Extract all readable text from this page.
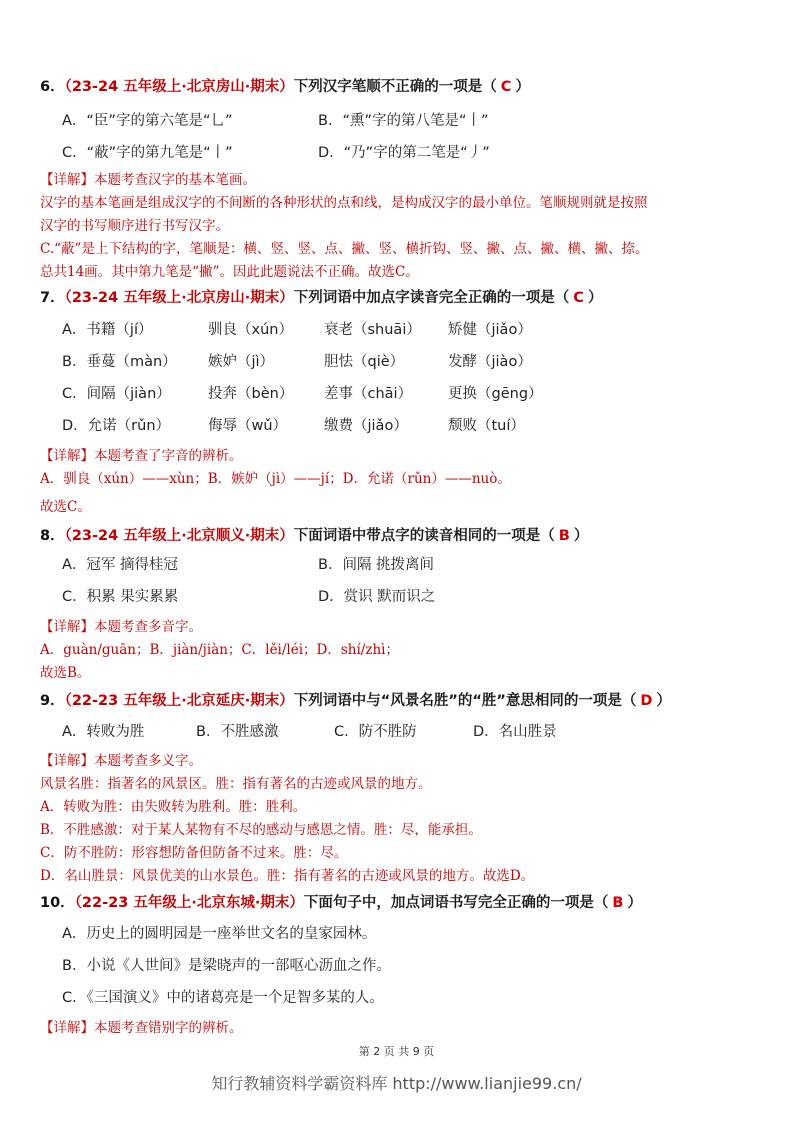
6．（23-24 五年级上·北京房山·期末）下列汉字笔顺不正确的一项是（ C ）
A．“臣”字的第六笔是“乚”	B．“熏”字的第八笔是“丨”
C．“蔽”字的第九笔是“丨”	D．“乃”字的第二笔是“丿”
【详解】本题考查汉字的基本笔画。
汉字的基本笔画是组成汉字的不间断的各种形状的点和线，是构成汉字的最小单位。笔顺规则就是按照
汉字的书写顺序进行书写汉字。
C.“蔽”是上下结构的字，笔顺是：横、竖、竖、点、撇、竖、横折钩、竖、撇、点、撇、横、撇、捺。
总共14画。其中第九笔是“撇”。因此此题说法不正确。故选C。
7．（23-24 五年级上·北京房山·期末）下列词语中加点字读音完全正确的一项是（ C ）
A．书籍（jí）	驯良（xún） 衰老（shuāi） 矫健（jiǎo）
B．垂蔓（màn） 嫉妒（jì）	胆怯（qiè）	发酵（jiào）
C．间隔（jiàn）	投奔（bèn） 差事（chāi） 更换（gēng）
D．允诺（rǔn）	侮辱（wǔ）	缴费（jiǎo）	颓败（tuí）
【详解】本题考查了字音的辨析。
A．驯良（xún）——xùn；B．嫉妒（jì）——jí；D．允诺（rǔn）——nuò。
故选C。
8．（23-24 五年级上·北京顺义·期末）下面词语中带点字的读音相同的一项是（ B ）
A．冠军 摘得桂冠	B．间隔 挑拨离间
C．积累 果实累累	D．赏识 默而识之
【详解】本题考查多音字。
A．guàn/guān；B．jiàn/jiàn；C．lěi/léi；D．shí/zhì；
故选B。
9．（22-23 五年级上·北京延庆·期末）下列词语中与“风景名胜”的“胜”意思相同的一项是（ D ）
A．转败为胜	B．不胜感激	C．防不胜防	D．名山胜景
【详解】本题考查多义字。
风景名胜：指著名的风景区。胜：指有著名的古迹或风景的地方。
A．转败为胜：由失败转为胜利。胜：胜利。
B．不胜感激：对于某人某物有不尽的感动与感恩之情。胜：尽，能承担。
C．防不胜防：形容想防备但防备不过来。胜：尽。
D．名山胜景：风景优美的山水景色。胜：指有著名的古迹或风景的地方。故选D。
10．（22-23 五年级上·北京东城·期末）下面句子中，加点词语书写完全正确的一项是（ B ）
A．历史上的圆明园是一座举世文名的皇家园林。
B．小说《人世间》是梁晓声的一部呕心沥血之作。
C．《三国演义》中的诸葛亮是一个足智多某的人。
【详解】本题考查错别字的辨析。
第 2 页 共 9 页
知行教辅资料学霸资料库 http://www.lianjie99.cn/
